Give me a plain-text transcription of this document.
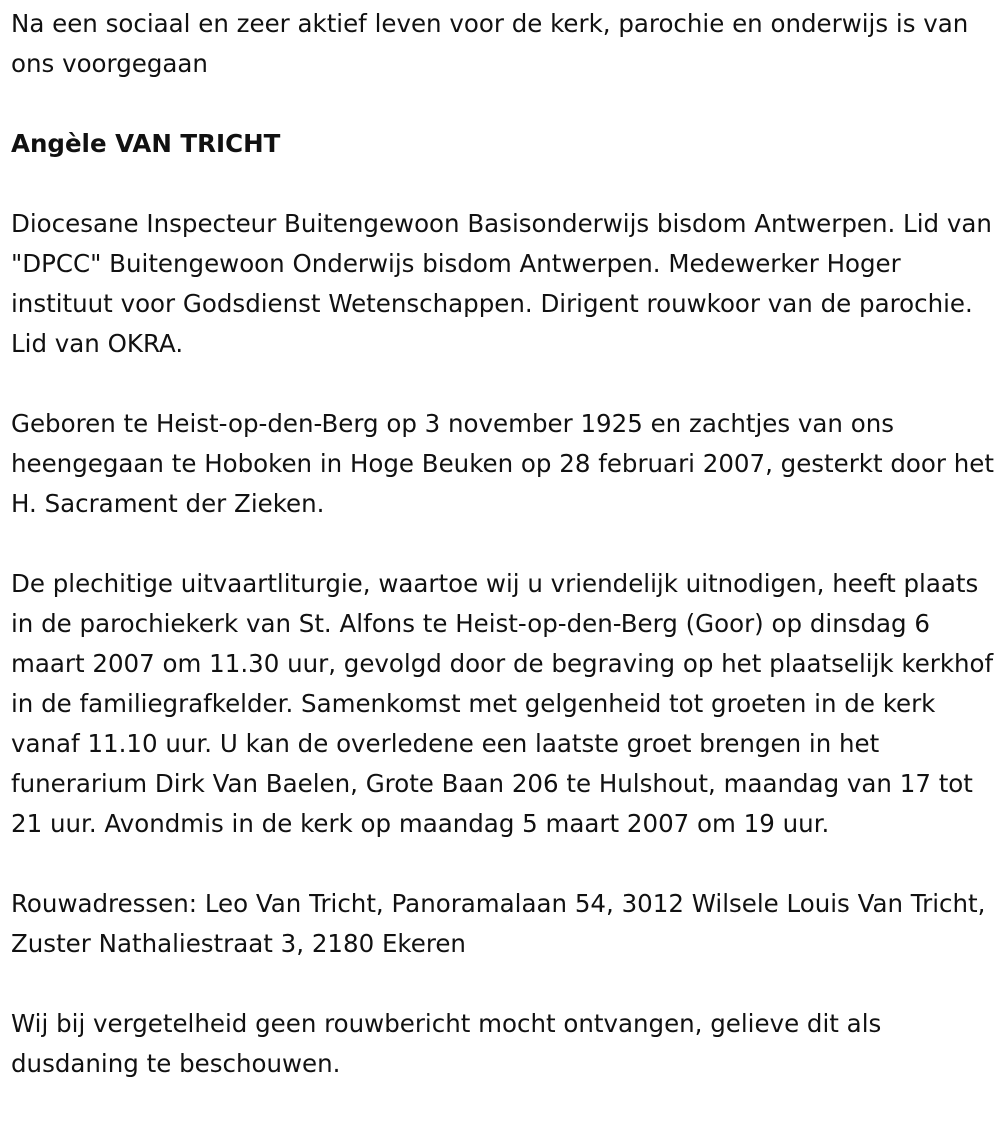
Na een sociaal en zeer aktief leven voor de kerk, parochie en onderwijs is van ons voorgegaan

Angèle VAN TRICHT

Diocesane Inspecteur Buitengewoon Basisonderwijs bisdom Antwerpen. Lid van "DPCC" Buitengewoon Onderwijs bisdom Antwerpen. Medewerker Hoger instituut voor Godsdienst Wetenschappen. Dirigent rouwkoor van de parochie. Lid van OKRA.

Geboren te Heist-op-den-Berg op 3 november 1925 en zachtjes van ons heengegaan te Hoboken in Hoge Beuken op 28 februari 2007, gesterkt door het H. Sacrament der Zieken.

De plechitige uitvaartliturgie, waartoe wij u vriendelijk uitnodigen, heeft plaats in de parochiekerk van St. Alfons te Heist-op-den-Berg (Goor) op dinsdag 6 maart 2007 om 11.30 uur, gevolgd door de begraving op het plaatselijk kerkhof in de familiegrafkelder. Samenkomst met gelgenheid tot groeten in de kerk vanaf 11.10 uur. U kan de overledene een laatste groet brengen in het funerarium Dirk Van Baelen, Grote Baan 206 te Hulshout, maandag van 17 tot 21 uur. Avondmis in de kerk op maandag 5 maart 2007 om 19 uur.

Rouwadressen: Leo Van Tricht, Panoramalaan 54, 3012 Wilsele Louis Van Tricht, Zuster Nathaliestraat 3, 2180 Ekeren

Wij bij vergetelheid geen rouwbericht mocht ontvangen, gelieve dit als dusdaning te beschouwen.
